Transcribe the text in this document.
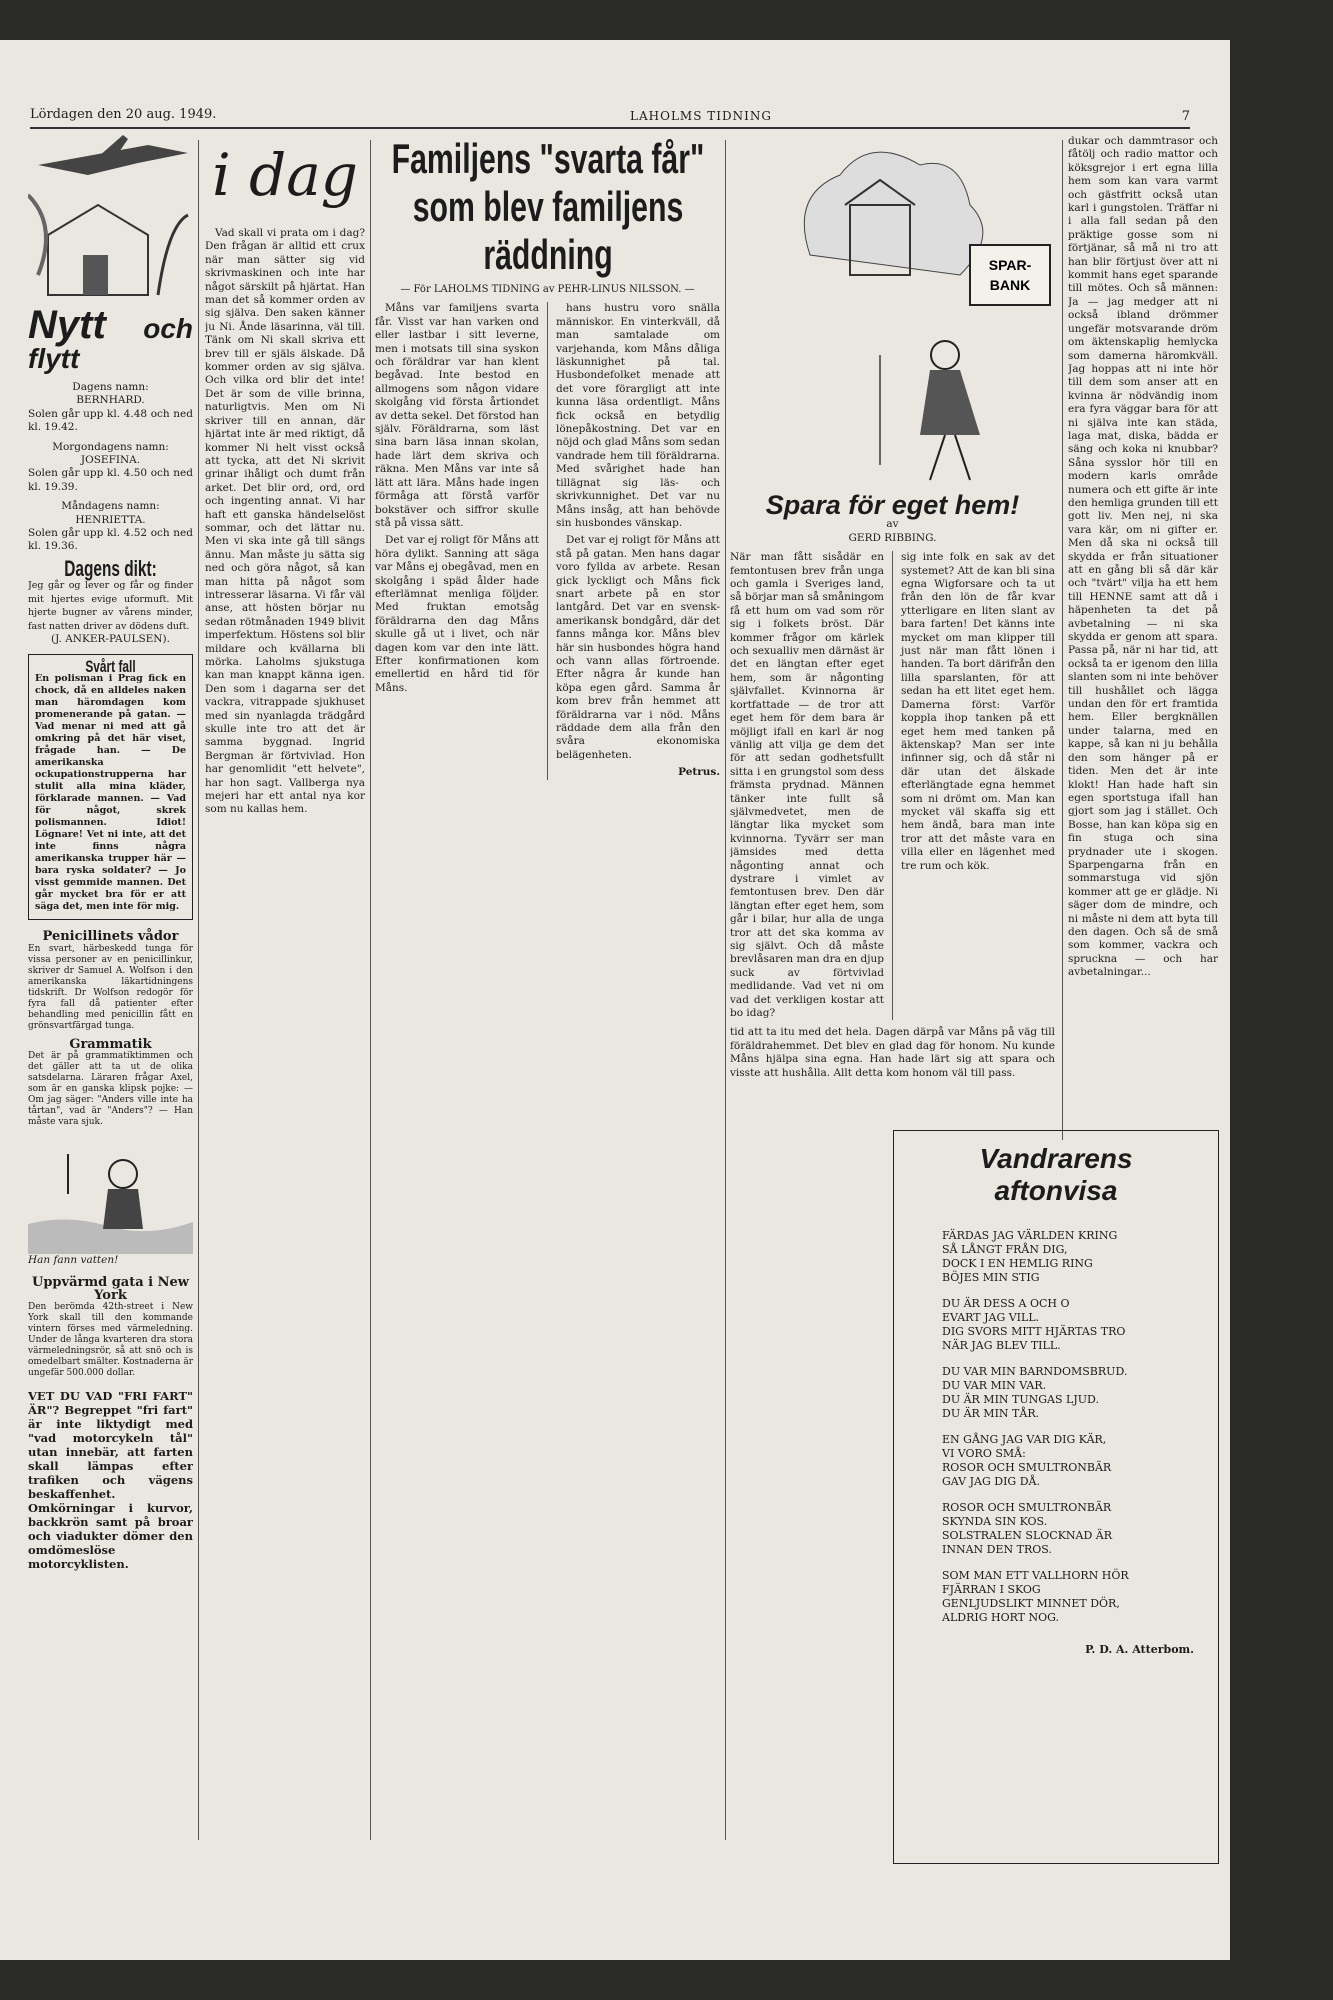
Lördagen den 20 aug. 1949.	LAHOLMS TIDNING	7
Nytt och flytt
Dagens namn:
BERNHARD.
Solen går upp kl. 4.48 och ned kl. 19.42.
Morgondagens namn:
JOSEFINA.
Solen går upp kl. 4.50 och ned kl. 19.39.
Måndagens namn:
HENRIETTA.
Solen går upp kl. 4.52 och ned kl. 19.36.
Dagens dikt:
Jeg går og lever og får og finder mit hjertes evige uformuft. Mit hjerte bugner av vårens minder, fast natten driver av dödens duft.
(J. ANKER-PAULSEN).
Svårt fall
En polisman i Prag fick en chock, då en alldeles naken man häromdagen kom promenerande på gatan. — Vad menar ni med att gå omkring på det här viset, frågade han. — De amerikanska ockupationstrupperna har stulit alla mina kläder, förklarade mannen. — Vad för något, skrek polismannen. Idiot! Lögnare! Vet ni inte, att det inte finns några amerikanska trupper här — bara ryska soldater? — Jo visst gemmide mannen. Det går mycket bra för er att säga det, men inte för mig.
Penicillinets vådor
En svart, härbeskedd tunga för vissa personer av en penicillinkur, skriver dr Samuel A. Wolfson i den amerikanska läkartidningens tidskrift. Dr Wolfson redogör för fyra fall då patienter efter behandling med penicillin fått en grönsvartfärgad tunga.
Grammatik
Det är på grammatiktimmen och det gäller att ta ut de olika satsdelarna. Läraren frågar Axel, som är en ganska klipsk pojke: — Om jag säger: "Anders ville inte ha tårtan", vad är "Anders"? — Han måste vara sjuk.
Han fann vatten!
Uppvärmd gata i New York
Den berömda 42th-street i New York skall till den kommande vintern förses med värmeledning. Under de långa kvarteren dra stora värmeledningsrör, så att snö och is omedelbart smälter. Kostnaderna är ungefär 500.000 dollar.
VET DU VAD "FRI FART" ÄR"? Begreppet "fri fart" är inte liktydigt med "vad motorcykeln tål" utan innebär, att farten skall lämpas efter trafiken och vägens beskaffenhet. Omkörningar i kurvor, backkrön samt på broar och viadukter dömer den omdömeslöse motorcyklisten.
i dag
Vad skall vi prata om i dag? Den frågan är alltid ett crux när man sätter sig vid skrivmaskinen och inte har något särskilt på hjärtat. Han man det så kommer orden av sig själva. Den saken känner ju Ni. Ånde läsarinna, väl till. Tänk om Ni skall skriva ett brev till er själs älskade. Då kommer orden av sig själva. Och vilka ord blir det inte! Det är som de ville brinna, naturligtvis. Men om Ni skriver till en annan, där hjärtat inte är med riktigt, då kommer Ni helt visst också att tycka, att det Ni skrivit grinar ihåligt och dumt från arket. Det blir ord, ord, ord och ingenting annat. Vi har haft ett ganska händelselöst sommar, och det lättar nu. Men vi ska inte gå till sängs ännu. Man måste ju sätta sig ned och göra något, så kan man hitta på något som intresserar läsarna. Vi får väl anse, att hösten börjar nu sedan rötmånaden 1949 blivit imperfektum. Höstens sol blir mildare och kvällarna bli mörka. Laholms sjukstuga kan man knappt känna igen. Den som i dagarna ser det vackra, vitrappade sjukhuset med sin nyanlagda trädgård skulle inte tro att det är samma byggnad. Ingrid Bergman är förtvivlad. Hon har genomlidit "ett helvete", har hon sagt. Vallberga nya mejeri har ett antal nya kor som nu kallas hem.
Familjens "svarta får" som blev familjens räddning
— För LAHOLMS TIDNING av PEHR-LINUS NILSSON. —

Måns var familjens svarta får. Visst var han varken ond eller lastbar i sitt leverne, men i motsats till sina syskon och föräldrar var han klent begåvad. Inte bestod en allmogens som någon vidare skolgång vid första årtiondet av detta sekel. Det förstod han själv. Föräldrarna, som läst sina barn läsa innan skolan, hade lärt dem skriva och räkna. Men Måns var inte så lätt att lära. Måns hade ingen förmåga att förstå varför bokstäver och siffror skulle stå på vissa sätt.

Det var ej roligt för Måns att höra dylikt. Sanning att säga var Måns ej obegåvad, men en skolgång i späd ålder hade efterlämnat menliga följder. Med fruktan emotsåg föräldrarna den dag Måns skulle gå ut i livet, och när dagen kom var den inte lätt. Efter konfirmationen kom emellertid en hård tid för Måns.

hans hustru voro snälla människor. En vinterkväll, då man samtalade om varjehanda, kom Måns dåliga läskunnighet på tal. Husbondefolket menade att det vore förargligt att inte kunna läsa ordentligt. Måns fick också en betydlig lönepåkostning. Det var en nöjd och glad Måns som sedan vandrade hem till föräldrarna. Med svårighet hade han tillägnat sig läs- och skrivkunnighet. Det var nu Måns insåg, att han behövde sin husbondes vänskap.

Det var ej roligt för Måns att stå på gatan. Men hans dagar voro fyllda av arbete. Resan gick lyckligt och Måns fick snart arbete på en stor lantgård. Det var en svensk-amerikansk bondgård, där det fanns många kor. Måns blev här sin husbondes högra hand och vann allas förtroende. Efter några år kunde han köpa egen gård. Samma år kom brev från hemmet att föräldrarna var i nöd. Måns räddade dem alla från den svåra ekonomiska belägenheten.

Petrus.
SPAR-
BANK
Spara för eget hem!
av
GERD RIBBING.
När man fått sisådär en femtontusen brev från unga och gamla i Sveriges land, så börjar man så småningom få ett hum om vad som rör sig i folkets bröst. Där kommer frågor om kärlek och sexualliv men därnäst är det en längtan efter eget hem, som är någonting självfallet. Kvinnorna är kortfattade — de tror att eget hem för dem bara är möjligt ifall en karl är nog vänlig att vilja ge dem det för att sedan godhetsfullt sitta i en grungstol som dess främsta prydnad. Männen tänker inte fullt så självmedvetet, men de längtar lika mycket som kvinnorna. Tyvärr ser man jämsides med detta någonting annat och dystrare i vimlet av femtontusen brev. Den där längtan efter eget hem, som går i bilar, hur alla de unga tror att det ska komma av sig självt. Och då måste brevlåsaren man dra en djup suck av förtvivlad medlidande. Vad vet ni om vad det verkligen kostar att bo idag?
sig inte folk en sak av det systemet? Att de kan bli sina egna Wigforsare och ta ut från den lön de får kvar ytterligare en liten slant av bara farten! Det känns inte mycket om man klipper till just när man fått lönen i handen. Ta bort därifrån den lilla sparslanten, för att sedan ha ett litet eget hem. Damerna först: Varför koppla ihop tanken på ett eget hem med tanken på äktenskap? Man ser inte infinner sig, och då står ni där utan det älskade efterlängtade egna hemmet som ni drömt om. Man kan mycket väl skaffa sig ett hem ändå, bara man inte tror att det måste vara en villa eller en lägenhet med tre rum och kök.
tid att ta itu med det hela. Dagen därpå var Måns på väg till föräldrahemmet. Det blev en glad dag för honom. Nu kunde Måns hjälpa sina egna. Han hade lärt sig att spara och visste att hushålla. Allt detta kom honom väl till pass.
dukar och dammtrasor och fåtölj och radio mattor och köksgrejor i ert egna lilla hem som kan vara varmt och gästfritt också utan karl i gungstolen. Träffar ni i alla fall sedan på den präktige gosse som ni förtjänar, så må ni tro att han blir förtjust över att ni kommit hans eget sparande till mötes. Och så männen: Ja — jag medger att ni också ibland drömmer ungefär motsvarande dröm om äktenskaplig hemlycka som damerna häromkväll. Jag hoppas att ni inte hör till dem som anser att en kvinna är nödvändig inom era fyra väggar bara för att ni själva inte kan städa, laga mat, diska, bädda er säng och koka ni knubbar? Såna sysslor hör till en modern karls område numera och ett gifte är inte den hemliga grunden till ett gott liv. Men nej, ni ska vara kär, om ni gifter er. Men då ska ni också till skydda er från situationer att en gång bli så där kär och "tvärt" vilja ha ett hem till HENNE samt att då i häpenheten ta det på avbetalning — ni ska skydda er genom att spara. Passa på, när ni har tid, att också ta er igenom den lilla slanten som ni inte behöver till hushållet och lägga undan den för ert framtida hem. Eller bergknällen under talarna, med en kappe, så kan ni ju behålla den som hänger på er tiden. Men det är inte klokt! Han hade haft sin egen sportstuga ifall han gjort som jag i stället. Och Bosse, han kan köpa sig en fin stuga och sina prydnader ute i skogen. Sparpengarna från en sommarstuga vid sjön kommer att ge er glädje. Ni säger dom de mindre, och ni måste ni dem att byta till den dagen. Och så de små som kommer, vackra och spruckna — och har avbetalningar...
Vandrarens
aftonvisa
FÄRDAS JAG VÄRLDEN KRING
SÅ LÅNGT FRÅN DIG,
DOCK I EN HEMLIG RING
BÖJES MIN STIG
DU ÄR DESS A OCH O
EVART JAG VILL.
DIG SVORS MITT HJÄRTAS TRO
NÄR JAG BLEV TILL.
DU VAR MIN BARNDOMSBRUD.
DU VAR MIN VAR.
DU ÄR MIN TUNGAS LJUD.
DU ÄR MIN TÅR.
EN GÅNG JAG VAR DIG KÄR,
VI VORO SMÅ:
ROSOR OCH SMULTRONBÄR
GAV JAG DIG DÅ.
ROSOR OCH SMULTRONBÄR
SKYNDA SIN KOS.
SOLSTRALEN SLOCKNAD ÄR
INNAN DEN TROS.
SOM MAN ETT VALLHORN HÖR
FJÄRRAN I SKOG
GENLJUDSLIKT MINNET DÖR,
ALDRIG HORT NOG.
P. D. A. Atterbom.
